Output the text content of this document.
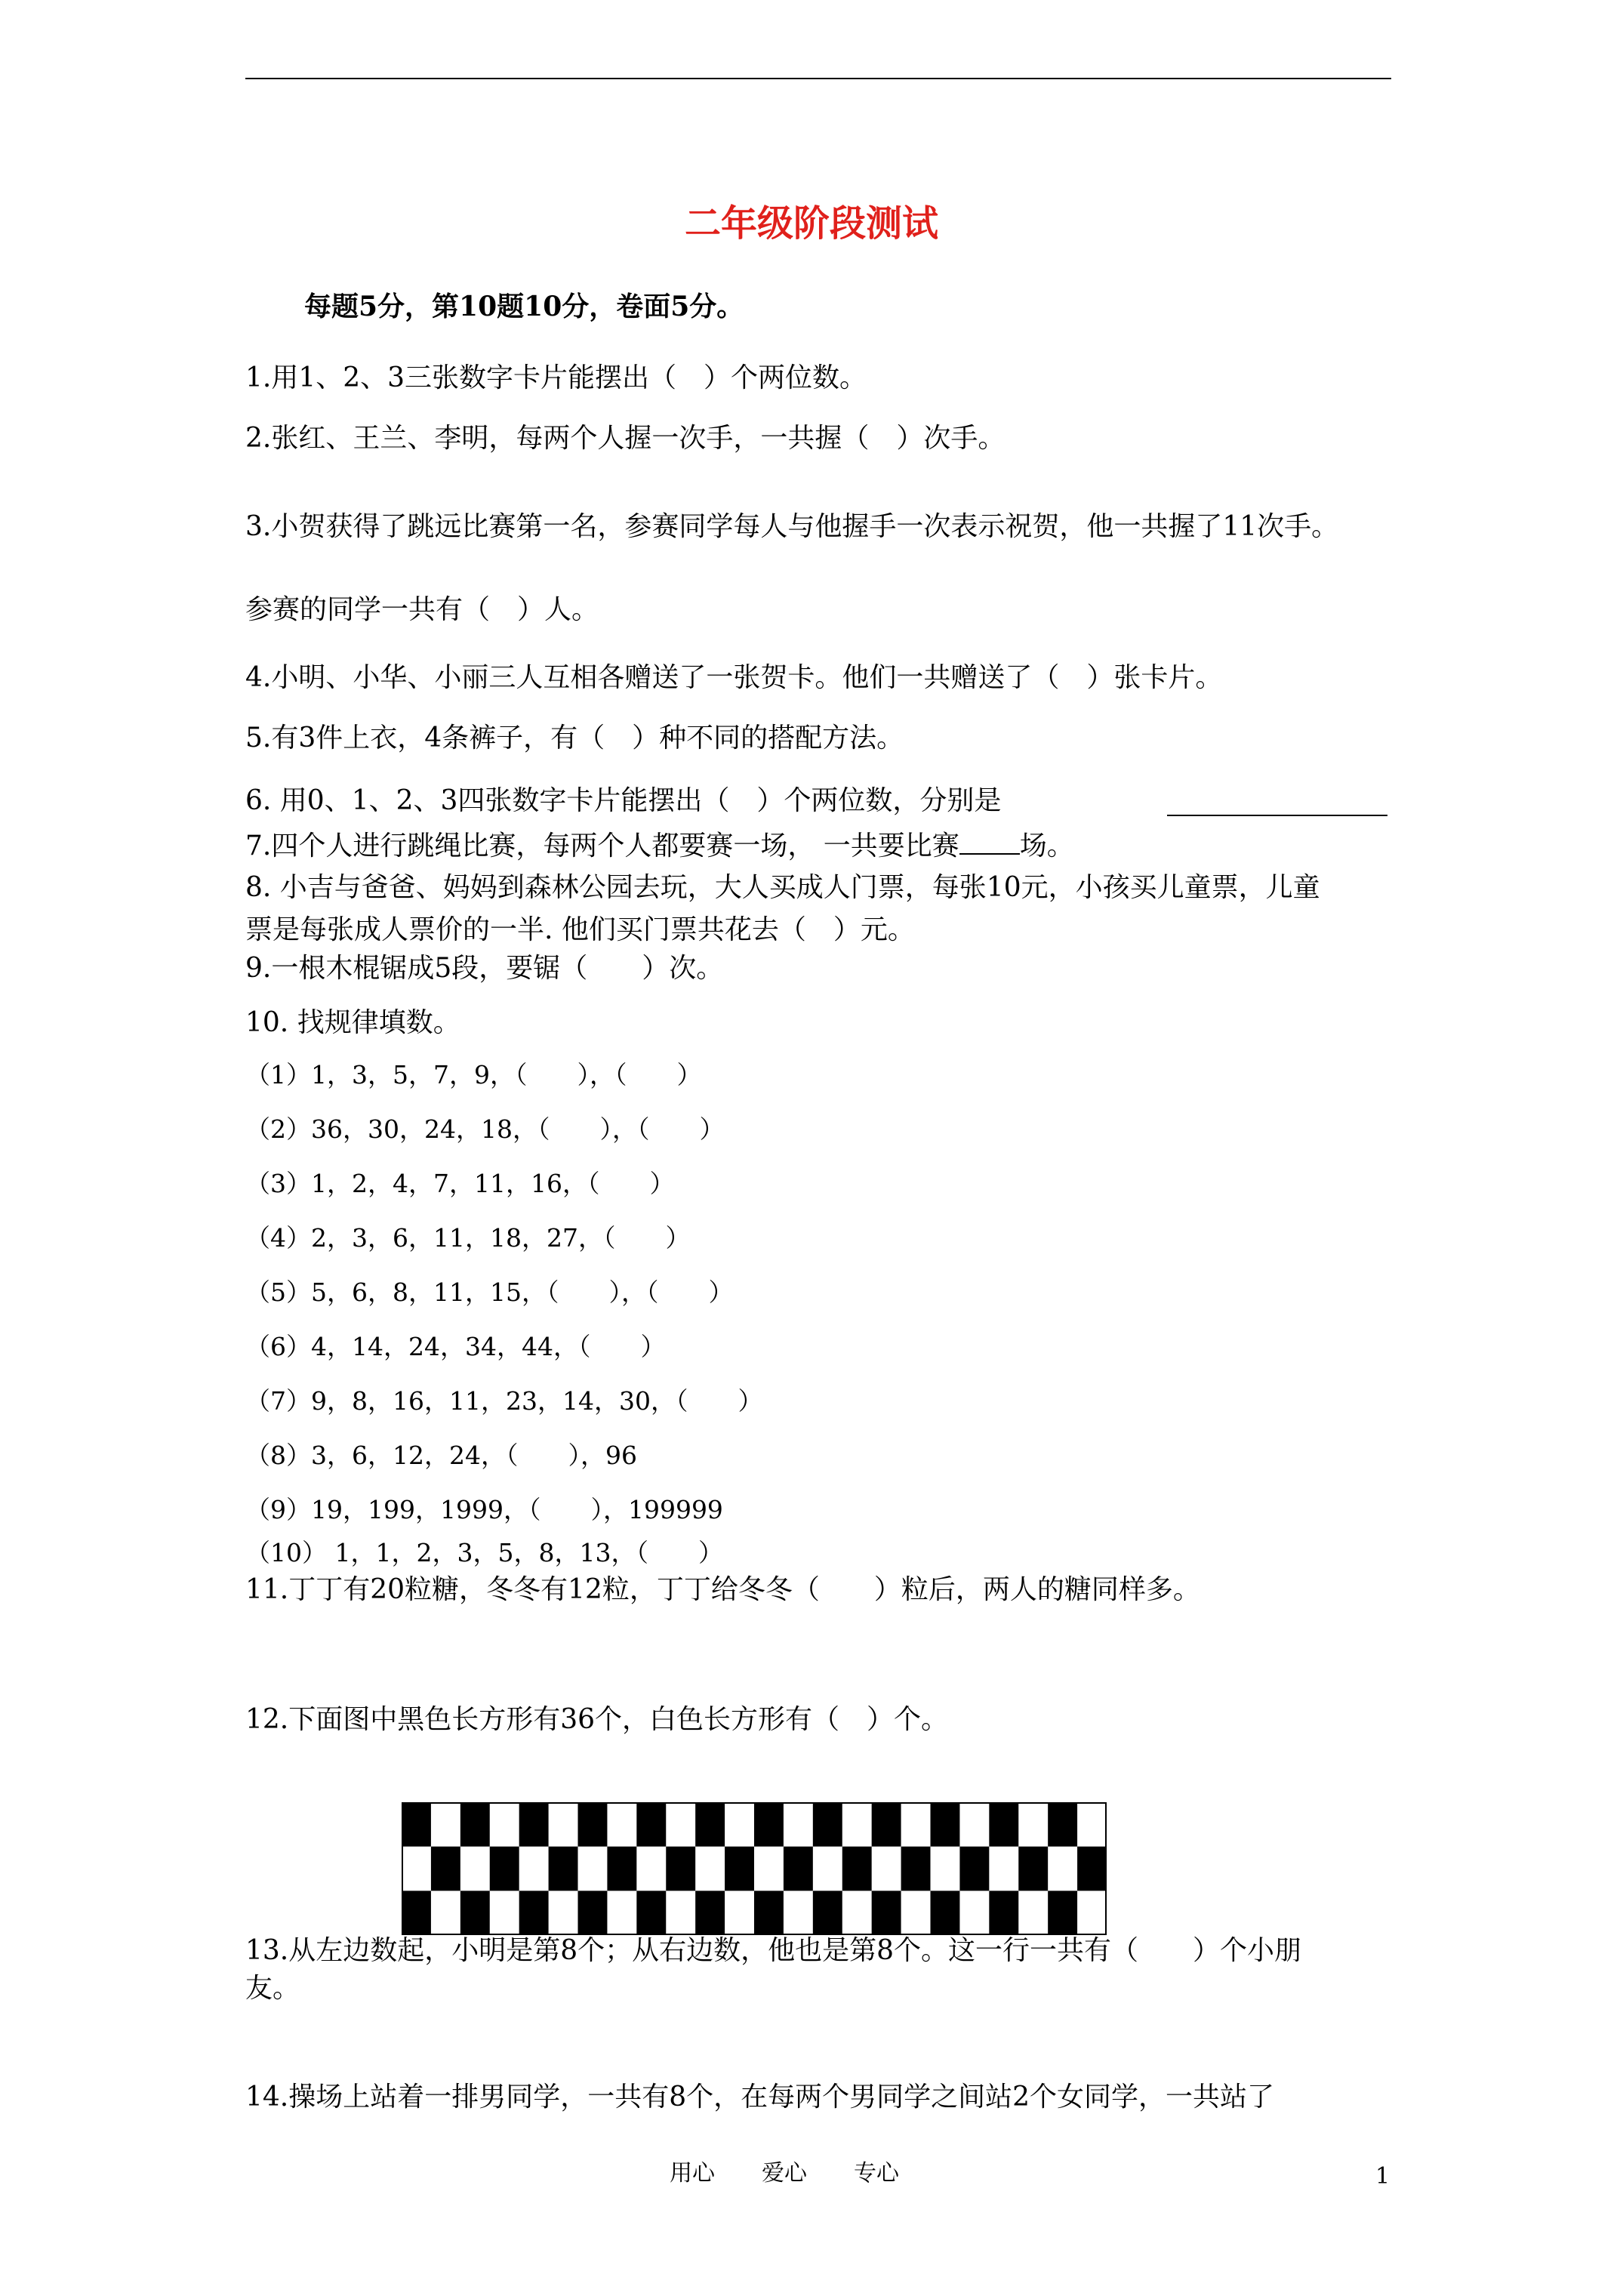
二年级阶段测试

每题5分，第10题10分，卷面5分。

1.用1、2、3三张数字卡片能摆出（　）个两位数。

2.张红、王兰、李明，每两个人握一次手，一共握（　）次手。

3.小贺获得了跳远比赛第一名，参赛同学每人与他握手一次表示祝贺，他一共握了11次手。

参赛的同学一共有（　）人。

4.小明、小华、小丽三人互相各赠送了一张贺卡。他们一共赠送了（　）张卡片。

5.有3件上衣，4条裤子，有（　）种不同的搭配方法。

6. 用0、1、2、3四张数字卡片能摆出（　）个两位数，分别是

7.四个人进行跳绳比赛，每两个人都要赛一场， 一共要比赛 场。

8. 小吉与爸爸、妈妈到森林公园去玩，大人买成人门票，每张10元，小孩买儿童票，儿童

票是每张成人票价的一半. 他们买门票共花去（　）元。

9.一根木棍锯成5段，要锯（　　）次。

10. 找规律填数。

（1）1，3，5，7，9，（　　），（　　）

（2）36，30，24，18，（　　），（　　）

（3）1，2，4，7，11，16，（　　）

（4）2，3，6，11，18，27，（　　）

（5）5，6，8，11，15，（　　），（　　）

（6）4，14，24，34，44，（　　）

（7）9，8，16，11，23，14，30，（　　）

（8）3，6，12，24，（　　），96

（9）19，199，1999，（　　），199999

（10） 1，1，2，3，5，8，13，（　　）

11.丁丁有20粒糖，冬冬有12粒，丁丁给冬冬（　　）粒后，两人的糖同样多。

12.下面图中黑色长方形有36个，白色长方形有（　）个。

13.从左边数起，小明是第8个；从右边数，他也是第8个。这一行一共有（　　）个小朋

友。

14.操场上站着一排男同学，一共有8个，在每两个男同学之间站2个女同学，一共站了

用心 爱心 专心	1
